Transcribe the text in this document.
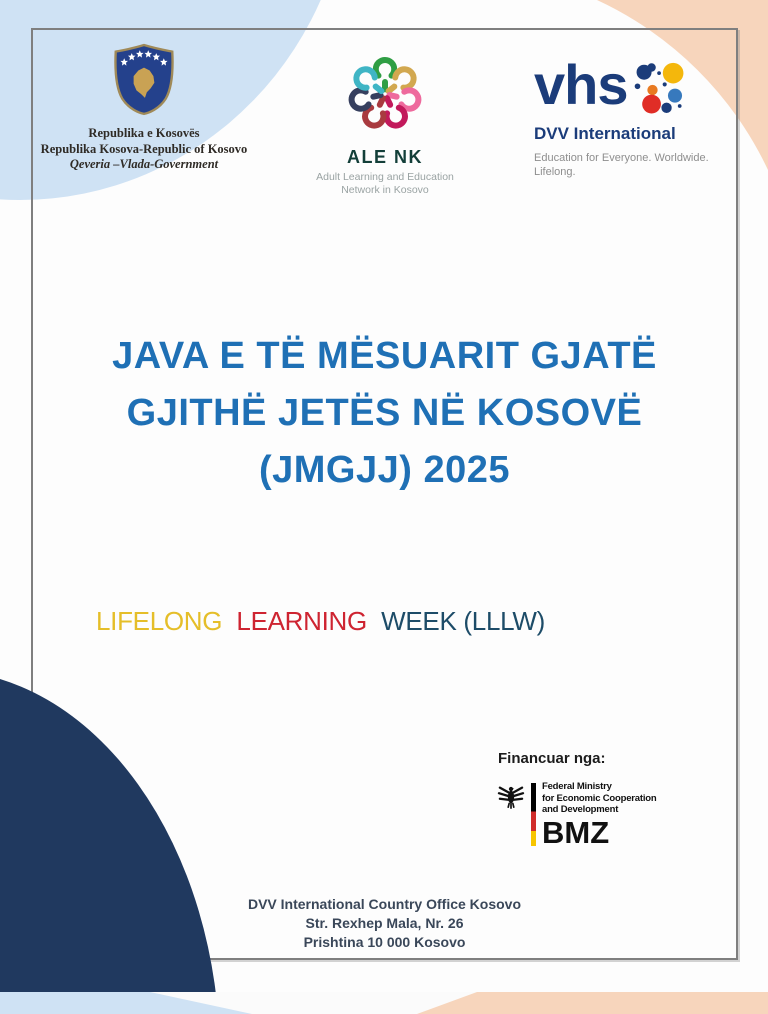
Republika e Kosovës
Republika Kosova-Republic of Kosovo
Qeveria –Vlada-Government	ALE NK
Adult Learning and Education
Network in Kosovo
vhs
DVV International
Education for Everyone. Worldwide.
Lifelong.
JAVA E TË MËSUARIT GJATË
GJITHË JETËS NË KOSOVË
(JMGJJ) 2025
LIFELONG LEARNING WEEK (LLLW)
Financuar nga:
Federal Ministry
for Economic Cooperation
and Development
BMZ
DVV International Country Office Kosovo
Str. Rexhep Mala, Nr. 26
Prishtina 10 000 Kosovo
